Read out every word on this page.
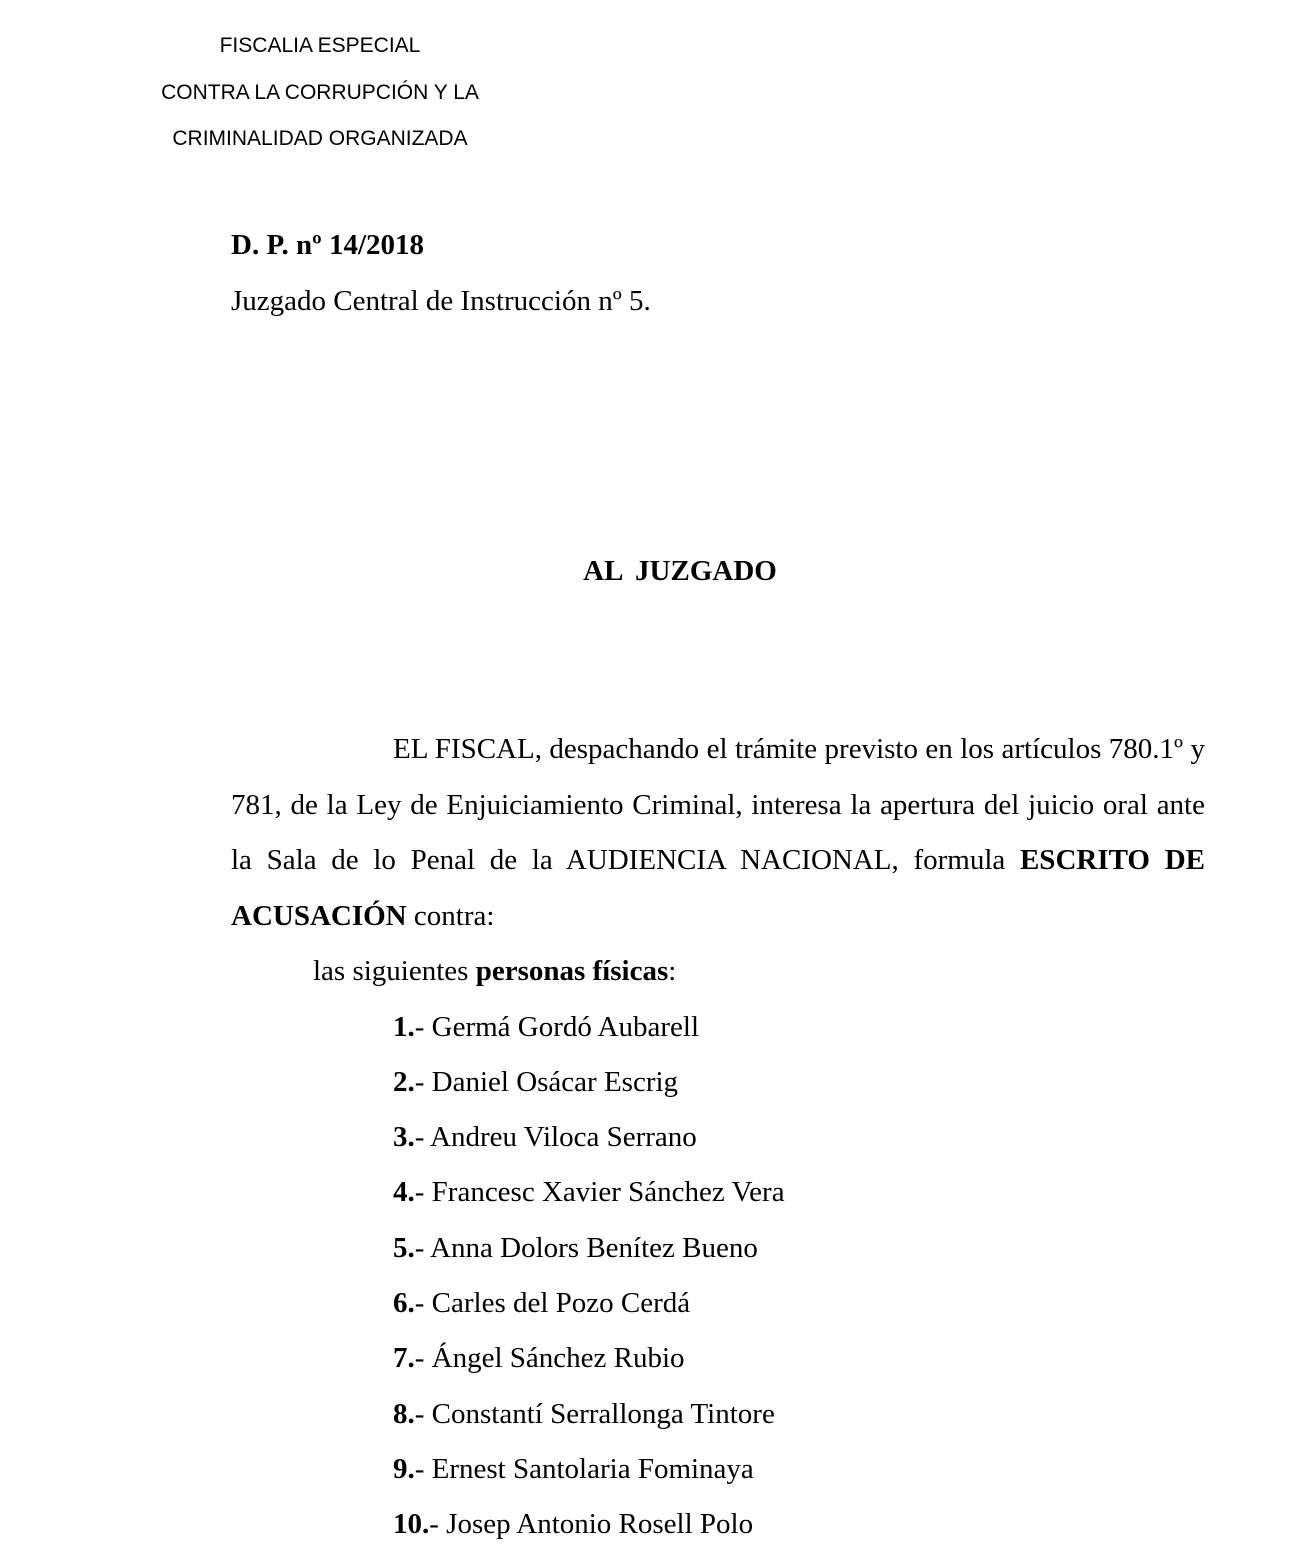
FISCALIA ESPECIAL
CONTRA LA CORRUPCIÓN Y LA
CRIMINALIDAD ORGANIZADA
D. P. nº 14/2018
Juzgado Central de Instrucción nº 5.
AL JUZGADO
EL FISCAL, despachando el trámite previsto en los artículos 780.1º y 781, de la Ley de Enjuiciamiento Criminal, interesa la apertura del juicio oral ante la Sala de lo Penal de la AUDIENCIA NACIONAL, formula ESCRITO DE ACUSACIÓN contra:
las siguientes personas físicas:
1.- Germá Gordó Aubarell
2.- Daniel Osácar Escrig
3.- Andreu Viloca Serrano
4.- Francesc Xavier Sánchez Vera
5.- Anna Dolors Benítez Bueno
6.- Carles del Pozo Cerdá
7.- Ángel Sánchez Rubio
8.- Constantí Serrallonga Tintore
9.- Ernest Santolaria Fominaya
10.- Josep Antonio Rosell Polo
